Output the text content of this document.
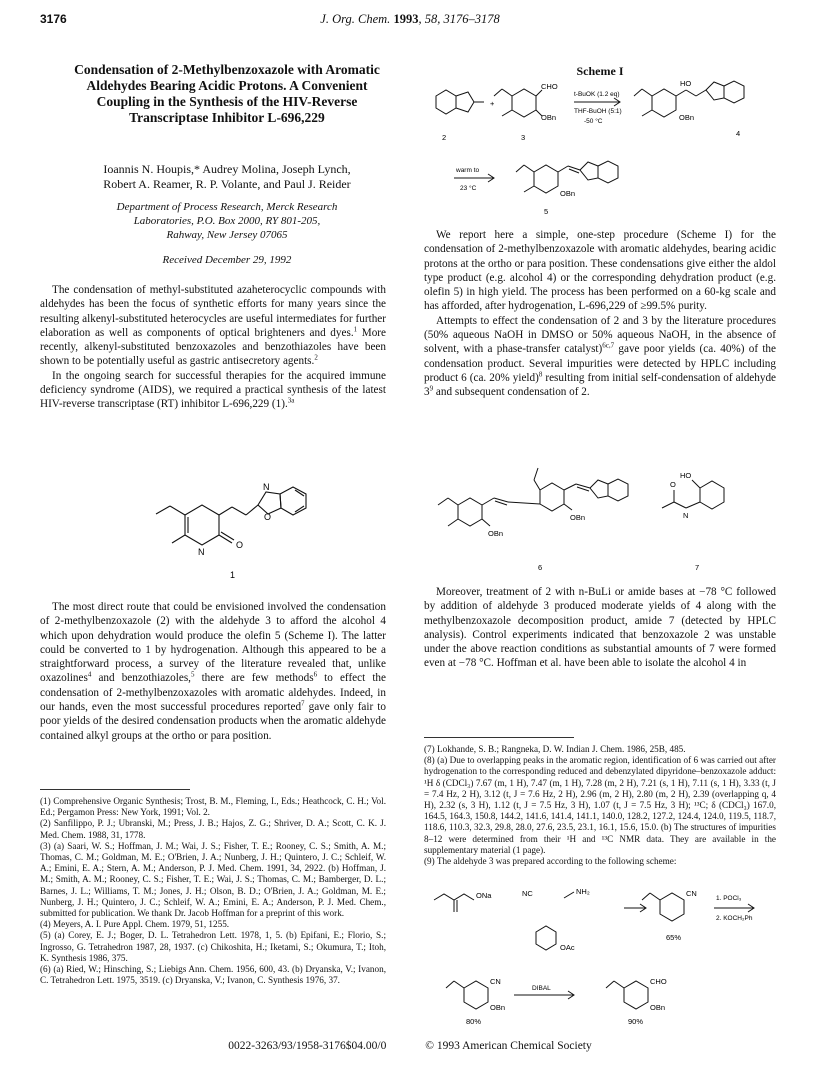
3176	J. Org. Chem. 1993, 58, 3176–3178
Condensation of 2-Methylbenzoxazole with Aromatic Aldehydes Bearing Acidic Protons. A Convenient Coupling in the Synthesis of the HIV-Reverse Transcriptase Inhibitor L-696,229
Ioannis N. Houpis,* Audrey Molina, Joseph Lynch,
Robert A. Reamer, R. P. Volante, and Paul J. Reider
Department of Process Research, Merck Research
Laboratories, P.O. Box 2000, RY 801-205,
Rahway, New Jersey 07065
Received December 29, 1992

The condensation of methyl-substituted azaheterocyclic compounds with aldehydes has been the focus of synthetic efforts for many years since the resulting alkenyl-substituted heterocycles are useful intermediates for further elaboration as well as components of optical brighteners and dyes.$^1$ More recently, alkenyl-substituted benzoxazoles and benzothiazoles have been shown to be potentially useful as gastric antisecretory agents.$^2$

In the ongoing search for successful therapies for the acquired immune deficiency syndrome (AIDS), we required a practical synthesis of the latest HIV-reverse transcriptase (RT) inhibitor L-696,229 (1).$^{3a}$

N
O
N
O
1

The most direct route that could be envisioned involved the condensation of 2-methylbenzoxazole (2) with the aldehyde 3 to afford the alcohol 4 which upon dehydration would produce the olefin 5 (Scheme I). The latter could be converted to 1 by hydrogenation. Although this appeared to be a straightforward process, a survey of the literature revealed that, unlike oxazolines$^4$ and benzothiazoles,$^5$ there are few methods$^6$ to effect the condensation of 2-methylbenzoxazoles with aromatic aldehydes. Indeed, in our hands, even the most successful procedures reported$^7$ gave only fair to poor yields of the desired condensation products when the aromatic aldehyde contained alkyl groups at the ortho or para position.

(1) Comprehensive Organic Synthesis; Trost, B. M., Fleming, I., Eds.; Heathcock, C. H.; Vol. Ed.; Pergamon Press: New York, 1991; Vol. 2.

(2) Sanfilippo, P. J.; Ubranski, M.; Press, J. B.; Hajos, Z. G.; Shriver, D. A.; Scott, C. K. J. Med. Chem. 1988, 31, 1778.

(3) (a) Saari, W. S.; Hoffman, J. M.; Wai, J. S.; Fisher, T. E.; Rooney, C. S.; Smith, A. M.; Thomas, C. M.; Goldman, M. E.; O'Brien, J. A.; Nunberg, J. H.; Quintero, J. C.; Schleif, W. A.; Emini, E. A.; Stern, A. M.; Anderson, P. J. Med. Chem. 1991, 34, 2922. (b) Hoffman, J. M.; Smith, A. M.; Rooney, C. S.; Fisher, T. E.; Wai, J. S.; Thomas, C. M.; Bamberger, D. L.; Barnes, J. L.; Williams, T. M.; Jones, J. H.; Olson, B. D.; O'Brien, J. A.; Goldman, M. E.; Nunberg, J. H.; Quintero, J. C.; Schleif, W. A.; Emini, E. A.; Anderson, P. J. Med. Chem., submitted for publication. We thank Dr. Jacob Hoffman for a preprint of this work.

(4) Meyers, A. I. Pure Appl. Chem. 1979, 51, 1255.

(5) (a) Corey, E. J.; Boger, D. L. Tetrahedron Lett. 1978, 1, 5. (b) Epifani, E.; Florio, S.; Ingrosso, G. Tetrahedron 1987, 28, 1937. (c) Chikoshita, H.; Iketami, S.; Okumura, T.; Itoh, K. Synthesis 1986, 375.

(6) (a) Ried, W.; Hinsching, S.; Liebigs Ann. Chem. 1956, 600, 43. (b) Dryanska, V.; Ivanon, C. Tetrahedron Lett. 1975, 3519. (c) Dryanska, V.; Ivanon, C. Synthesis 1976, 37.

Scheme I
2
+
CHO
OBn
3
t-BuOK (1.2 eq)
THF-BuOH (5:1)
-50 °C
HO
OBn
4
warm to
23 °C
OBn
5

We report here a simple, one-step procedure (Scheme I) for the condensation of 2-methylbenzoxazole with aromatic aldehydes, bearing acidic protons at the ortho or para position. These condensations give either the aldol type product (e.g. alcohol 4) or the corresponding dehydration product (e.g. olefin 5) in high yield. The process has been performed on a 60-kg scale and has afforded, after hydrogenation, L-696,229 of ≥99.5% purity.

Attempts to effect the condensation of 2 and 3 by the literature procedures (50% aqueous NaOH in DMSO or 50% aqueous NaOH, in the absence of solvent, with a phase-transfer catalyst)$^{6c,7}$ gave poor yields (ca. 40%) of the condensation product. Several impurities were detected by HPLC including product 6 (ca. 20% yield)$^8$ resulting from initial self-condensation of aldehyde $3^9$ and subsequent condensation of 2.

OBn
OBn
6
HO
N
O
7

Moreover, treatment of 2 with n-BuLi or amide bases at −78 °C followed by addition of aldehyde 3 produced moderate yields of 4 along with the methylbenzoxazole decomposition product, amide 7 (detected by HPLC analysis). Control experiments indicated that benzoxazole 2 was unstable under the above reaction conditions as substantial amounts of 7 were formed even at −78 °C. Hoffman et al. have been able to isolate the alcohol 4 in

(7) Lokhande, S. B.; Rangneka, D. W. Indian J. Chem. 1986, 25B, 485.

(8) (a) Due to overlapping peaks in the aromatic region, identification of 6 was carried out after hydrogenation to the corresponding reduced and debenzylated dipyridone–benzoxazole adduct: ¹H δ (CDCl₃) 7.67 (m, 1 H), 7.47 (m, 1 H), 7.28 (m, 2 H), 7.21 (s, 1 H), 7.11 (s, 1 H), 3.33 (t, J = 7.4 Hz, 2 H), 3.12 (t, J = 7.6 Hz, 2 H), 2.96 (m, 2 H), 2.80 (m, 2 H), 2.39 (overlapping q, 4 H), 2.32 (s, 3 H), 1.12 (t, J = 7.5 Hz, 3 H), 1.07 (t, J = 7.5 Hz, 3 H); ¹³C; δ (CDCl₃) 167.0, 164.5, 164.3, 150.8, 144.2, 141.6, 141.4, 141.1, 140.0, 128.2, 127.2, 124.4, 124.0, 119.5, 118.7, 118.6, 110.3, 32.3, 29.8, 28.0, 27.6, 23.5, 23.1, 16.1, 15.6, 15.0. (b) The structures of impurities 8–12 were determined from their ¹H and ¹³C NMR data. They are available in the supplementary material (1 page).

(9) The aldehyde 3 was prepared according to the following scheme:

ONa	NC	NH₂
OAc
CN
1. POCl₃
2. KOCH₂Ph
65%
CN
OBn
DIBAL
80%
CHO
OBn
90%
0022-3263/93/1958-3176$04.00/0	© 1993 American Chemical Society
